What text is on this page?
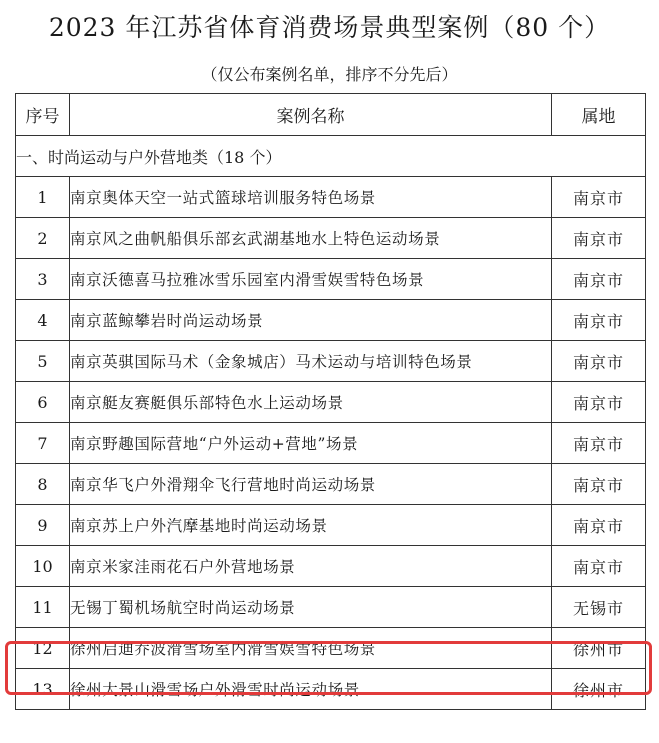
2023 年江苏省体育消费场景典型案例（80 个）
（仅公布案例名单，排序不分先后）
序号	案例名称	属地
一、时尚运动与户外营地类（18 个）		
1	南京奥体天空一站式篮球培训服务特色场景	南京市
2	南京风之曲帆船俱乐部玄武湖基地水上特色运动场景	南京市
3	南京沃德喜马拉雅冰雪乐园室内滑雪娱雪特色场景	南京市
4	南京蓝鲸攀岩时尚运动场景	南京市
5	南京英骐国际马术（金象城店）马术运动与培训特色场景	南京市
6	南京艇友赛艇俱乐部特色水上运动场景	南京市
7	南京野趣国际营地“户外运动+营地”场景	南京市
8	南京华飞户外滑翔伞飞行营地时尚运动场景	南京市
9	南京苏上户外汽摩基地时尚运动场景	南京市
10	南京米家洼雨花石户外营地场景	南京市
11	无锡丁蜀机场航空时尚运动场景	无锡市
12	徐州启迪乔波滑雪场室内滑雪娱雪特色场景	徐州市
13	徐州大景山滑雪场户外滑雪时尚运动场景	徐州市
